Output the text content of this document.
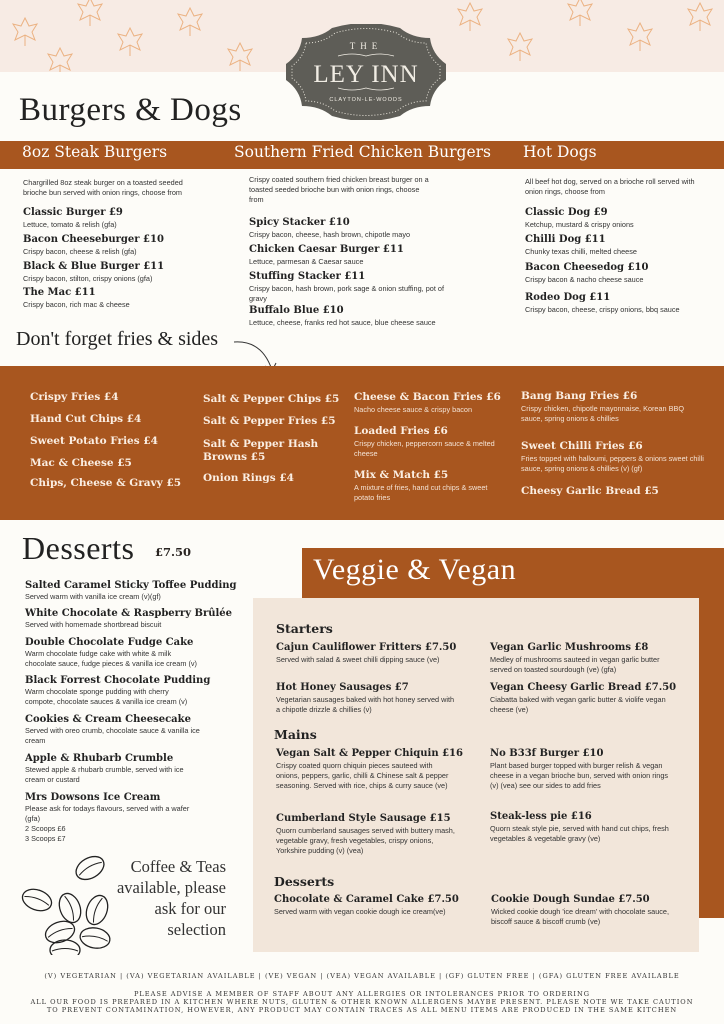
THE
LEY INN
CLAYTON-LE-WOODS
Burgers & Dogs
8oz Steak Burgers	Southern Fried Chicken Burgers Hot Dogs
Chargrilled 8oz steak burger on a toasted seeded brioche bun served with onion rings, choose from
Crispy coated southern fried chicken breast burger on a toasted seeded brioche bun with onion rings, choose from
All beef hot dog, served on a brioche roll served with onion rings, choose from
Classic Burger £9
Lettuce, tomato & relish (gfa)
Bacon Cheeseburger £10
Crispy bacon, cheese & relish (gfa)
Black & Blue Burger £11
Crispy bacon, stilton, crispy onions (gfa)
The Mac £11
Crispy bacon, rich mac & cheese
Spicy Stacker £10
Crispy bacon, cheese, hash brown, chipotle mayo
Chicken Caesar Burger £11
Lettuce, parmesan & Caesar sauce
Stuffing Stacker £11
Crispy bacon, hash brown, pork sage & onion stuffing, pot of gravy
Buffalo Blue £10
Lettuce, cheese, franks red hot sauce, blue cheese sauce
Classic Dog £9
Ketchup, mustard & crispy onions
Chilli Dog £11
Chunky texas chilli, melted cheese
Bacon Cheesedog £10
Crispy bacon & nacho cheese sauce
Rodeo Dog £11
Crispy bacon, cheese, crispy onions, bbq sauce
Don't forget fries & sides
Crispy Fries £4
Hand Cut Chips £4
Sweet Potato Fries £4
Mac & Cheese £5
Chips, Cheese & Gravy £5
Salt & Pepper Chips £5
Salt & Pepper Fries £5
Salt & Pepper Hash
Browns £5
Onion Rings £4
Cheese & Bacon Fries £6
Nacho cheese sauce & crispy bacon
Loaded Fries £6
Crispy chicken, peppercorn sauce & melted cheese
Mix & Match £5
A mixture of fries, hand cut chips & sweet potato fries
Bang Bang Fries £6
Crispy chicken, chipotle mayonnaise, Korean BBQ sauce, spring onions & chillies
Sweet Chilli Fries £6
Fries topped with halloumi, peppers & onions sweet chilli sauce, spring onions & chillies (v) (gf)
Cheesy Garlic Bread £5
Desserts £7.50
Salted Caramel Sticky Toffee Pudding
Served warm with vanilla ice cream (v)(gf)
White Chocolate & Raspberry Brûlée
Served with homemade shortbread biscuit
Double Chocolate Fudge Cake
Warm chocolate fudge cake with white & milk chocolate sauce, fudge pieces & vanilla ice cream (v)
Black Forrest Chocolate Pudding
Warm chocolate sponge pudding with cherry compote, chocolate sauces & vanilla ice cream (v)
Cookies & Cream Cheesecake
Served with oreo crumb, chocolate sauce & vanilla ice cream
Apple & Rhubarb Crumble
Stewed apple & rhubarb crumble, served with ice cream or custard
Mrs Dowsons Ice Cream
Please ask for todays flavours, served with a wafer (gfa)
2 Scoops £6
3 Scoops £7
Coffee & Teas available, please ask for our selection
Veggie & Vegan
Starters
Mains
Desserts
Cajun Cauliflower Fritters £7.50
Served with salad & sweet chilli dipping sauce (ve)
Hot Honey Sausages £7
Vegetarian sausages baked with hot honey served with a chipotle drizzle & chillies (v)
Vegan Garlic Mushrooms £8
Medley of mushrooms sauteed in vegan garlic butter served on toasted sourdough (ve) (gfa)
Vegan Cheesy Garlic Bread £7.50
Ciabatta baked with vegan garlic butter & violife vegan cheese (ve)
Vegan Salt & Pepper Chiquin £16
Crispy coated quorn chiquin pieces sauteed with onions, peppers, garlic, chilli & Chinese salt & pepper seasoning. Served with rice, chips & curry sauce (ve)
Cumberland Style Sausage £15
Quorn cumberland sausages served with buttery mash, vegetable gravy, fresh vegetables, crispy onions, Yorkshire pudding (v) (vea)
No B33f Burger £10
Plant based burger topped with burger relish & vegan cheese in a vegan brioche bun, served with onion rings (v) (vea) see our sides to add fries
Steak-less pie £16
Quorn steak style pie, served with hand cut chips, fresh vegetables & vegetable gravy (ve)
Chocolate & Caramel Cake £7.50
Served warm with vegan cookie dough ice cream(ve)
Cookie Dough Sundae £7.50
Wicked cookie dough 'ice dream' with chocolate sauce, biscoff sauce & biscoff crumb (ve)
(V) VEGETARIAN | (VA) VEGETARIAN AVAILABLE | (VE) VEGAN | (VEA) VEGAN AVAILABLE | (GF) GLUTEN FREE | (GFA) GLUTEN FREE AVAILABLE
PLEASE ADVISE A MEMBER OF STAFF ABOUT ANY ALLERGIES OR INTOLERANCES PRIOR TO ORDERING
ALL OUR FOOD IS PREPARED IN A KITCHEN WHERE NUTS, GLUTEN & OTHER KNOWN ALLERGENS MAYBE PRESENT. PLEASE NOTE WE TAKE CAUTION
TO PREVENT CONTAMINATION, HOWEVER, ANY PRODUCT MAY CONTAIN TRACES AS ALL MENU ITEMS ARE PRODUCED IN THE SAME KITCHEN
